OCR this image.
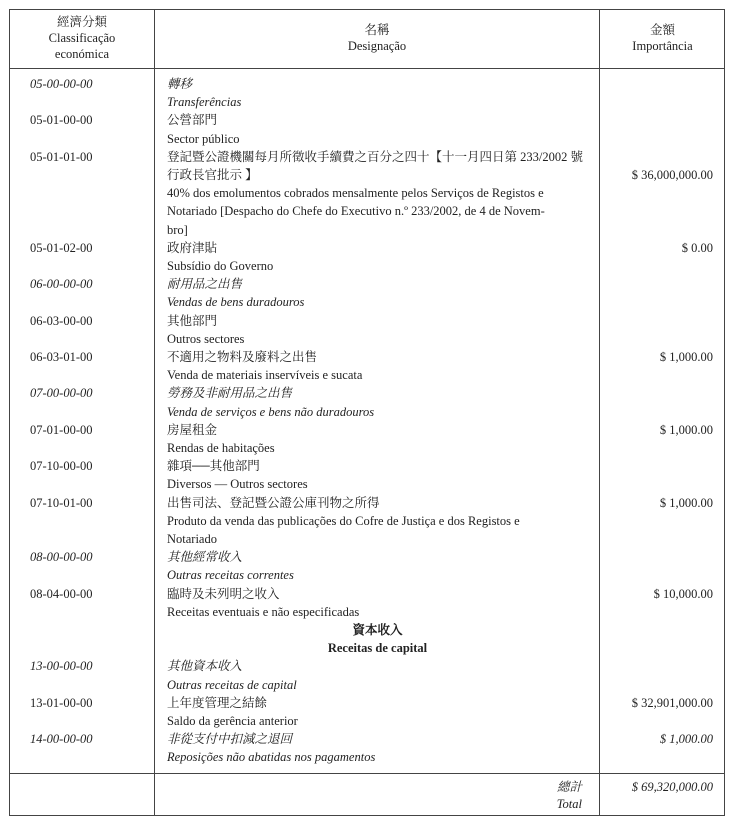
經濟分類
Classificação
económica
名稱
Designação
金額
Importância
轉移
05-00-00-00
Transferências
公營部門
05-01-00-00
Sector público
登記暨公證機關每月所徵收手續費之百分之四十【十一月四日第 233/2002 號
05-01-01-00
行政長官批示 】
40% dos emolumentos cobrados mensalmente pelos Serviços de Registos e
Notariado [Despacho do Chefe do Executivo n.º 233/2002, de 4 de Novem-
bro]
$ 36,000,000.00
政府津貼
05-01-02-00
Subsídio do Governo
$ 0.00
耐用品之出售
06-00-00-00
Vendas de bens duradouros
其他部門
06-03-00-00
Outros sectores
不適用之物料及廢料之出售
06-03-01-00
Venda de materiais inservíveis e sucata
$ 1,000.00
勞務及非耐用品之出售
07-00-00-00
Venda de serviços e bens não duradouros
房屋租金
07-01-00-00
Rendas de habitações
$ 1,000.00
雜項──其他部門
07-10-00-00
Diversos — Outros sectores
出售司法、登記暨公證公庫刊物之所得
07-10-01-00
Produto da venda das publicações do Cofre de Justiça e dos Registos e
Notariado
$ 1,000.00
其他經常收入
08-00-00-00
Outras receitas correntes
臨時及未列明之收入
08-04-00-00
Receitas eventuais e não especificadas
$ 10,000.00
資本收入
Receitas de capital
其他資本收入
13-00-00-00
Outras receitas de capital
上年度管理之結餘
13-01-00-00
Saldo da gerência anterior
$ 32,901,000.00
非從支付中扣減之退回
14-00-00-00
Reposições não abatidas nos pagamentos
$ 1,000.00
總計	$ 69,320,000.00
Total
